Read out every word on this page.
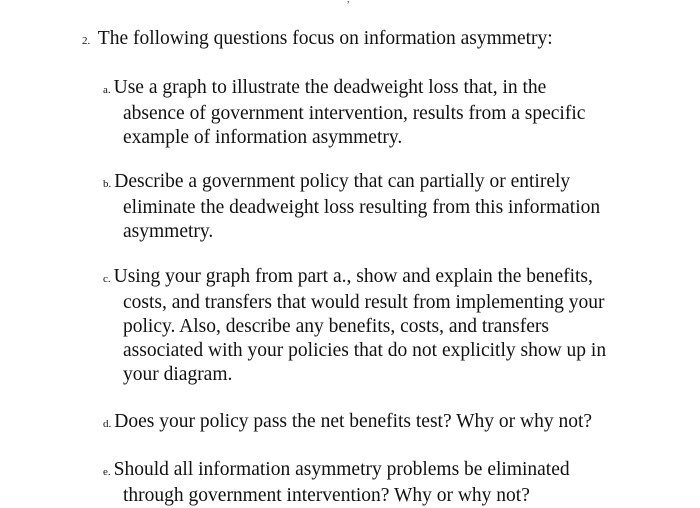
2. The following questions focus on information asymmetry:
a. Use a graph to illustrate the deadweight loss that, in the
absence of government intervention, results from a specific
example of information asymmetry.
b. Describe a government policy that can partially or entirely
eliminate the deadweight loss resulting from this information
asymmetry.
c. Using your graph from part a., show and explain the benefits,
costs, and transfers that would result from implementing your
policy. Also, describe any benefits, costs, and transfers
associated with your policies that do not explicitly show up in
your diagram.
d. Does your policy pass the net benefits test? Why or why not?
e. Should all information asymmetry problems be eliminated
through government intervention? Why or why not?
